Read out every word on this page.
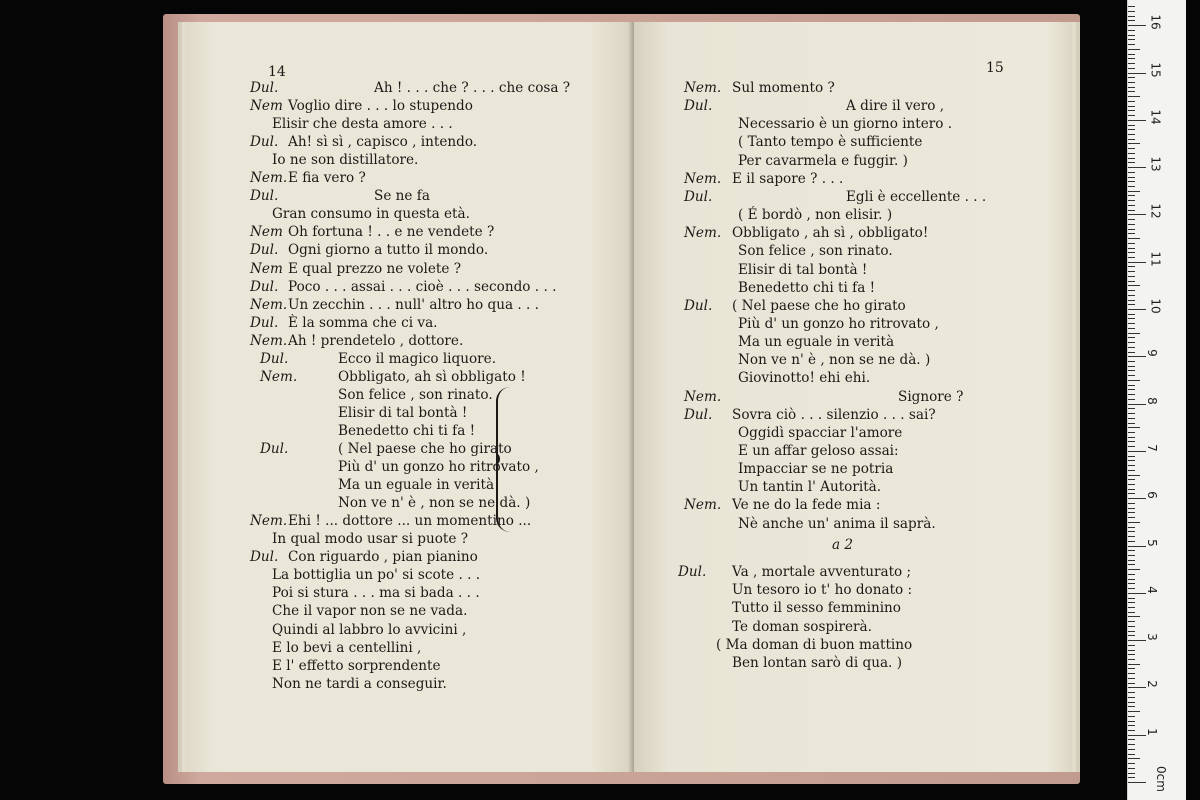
14
Dul.	Ah ! . . . che ? . . . che cosa ?
Nem Voglio dire . . . lo stupendo
Elisir che desta amore . . .
Dul. Ah! sì sì , capisco , intendo.
Io ne son distillatore.
Nem. E fia vero ?
Dul.	Se ne fa
Gran consumo in questa età.
Nem Oh fortuna ! . . e ne vendete ?
Dul. Ogni giorno a tutto il mondo.
Nem E qual prezzo ne volete ?
Dul. Poco . . . assai . . . cioè . . . secondo . . .
Nem. Un zecchin . . . null' altro ho qua . . .
Dul. È la somma che ci va.
Nem. Ah ! prendetelo , dottore.
Dul.	Ecco il magico liquore.
Nem.	Obbligato, ah sì obbligato !
Son felice , son rinato.
Elisir di tal bontà !
Benedetto chi ti fa !
Dul.	( Nel paese che ho girato
Più d' un gonzo ho ritrovato ,
Ma un eguale in verità
Non ve n' è , non se ne dà. )
Nem. Ehi ! ... dottore ... un momentino ...
In qual modo usar si puote ?
Dul. Con riguardo , pian pianino
La bottiglia un po' si scote . . .
Poi si stura . . . ma si bada . . .
Che il vapor non se ne vada.
Quindi al labbro lo avvicini ,
E lo bevi a centellini ,
E l' effetto sorprendente
Non ne tardi a conseguir.
15
Nem. Sul momento ?
Dul.	A dire il vero ,
Necessario è un giorno intero .
( Tanto tempo è sufficiente
Per cavarmela e fuggir. )
Nem. E il sapore ? . . .
Dul.	Egli è eccellente . . .
( É bordò , non elisir. )
Nem. Obbligato , ah sì , obbligato!
Son felice , son rinato.
Elisir di tal bontà !
Benedetto chi ti fa !
Dul. ( Nel paese che ho girato
Più d' un gonzo ho ritrovato ,
Ma un eguale in verità
Non ve n' è , non se ne dà. )
Giovinotto! ehi ehi.
Nem.	Signore ?
Dul. Sovra ciò . . . silenzio . . . sai?
Oggidì spacciar l'amore
E un affar geloso assai:
Impacciar se ne potria
Un tantin l' Autorità.
Nem. Ve ne do la fede mia :
Nè anche un' anima il saprà.
a 2
Dul. Va , mortale avventurato ;
Un tesoro io t' ho donato :
Tutto il sesso femminino
Te doman sospirerà.
( Ma doman di buon mattino
Ben lontan sarò di qua. )
0cm
1
2
3
4
5
6
7
8
9
10
11
12
13
14
15
16
